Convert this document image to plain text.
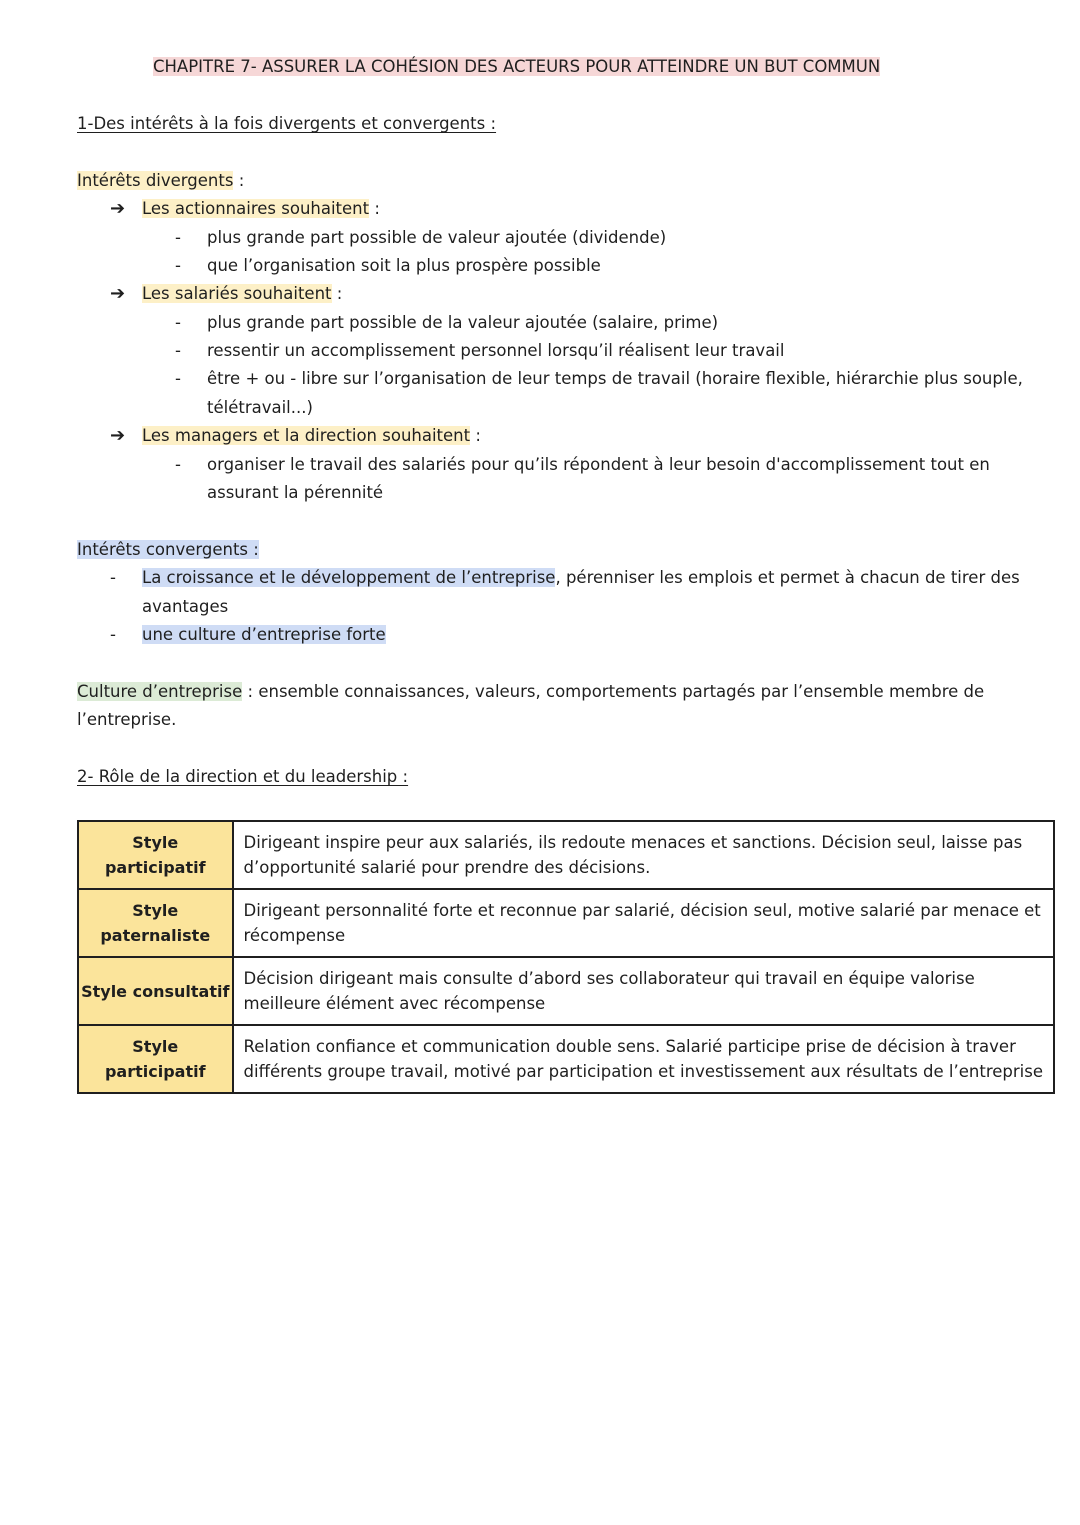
CHAPITRE 7- ASSURER LA COHÉSION DES ACTEURS POUR ATTEINDRE UN BUT COMMUN
1-Des intérêts à la fois divergents et convergents :
Intérêts divergents :
➔ Les actionnaires souhaitent :
- plus grande part possible de valeur ajoutée (dividende)
- que l’organisation soit la plus prospère possible
➔ Les salariés souhaitent :
- plus grande part possible de la valeur ajoutée (salaire, prime)
- ressentir un accomplissement personnel lorsqu’il réalisent leur travail
- être + ou - libre sur l’organisation de leur temps de travail (horaire flexible, hiérarchie plus souple,
télétravail...)
➔ Les managers et la direction souhaitent :
- organiser le travail des salariés pour qu’ils répondent à leur besoin d'accomplissement tout en
assurant la pérennité
Intérêts convergents :
- La croissance et le développement de l’entreprise, pérenniser les emplois et permet à chacun de tirer des
avantages
- une culture d’entreprise forte
Culture d’entreprise : ensemble connaissances, valeurs, comportements partagés par l’ensemble membre de
l’entreprise.
2- Rôle de la direction et du leadership :
Style participatif	Dirigeant inspire peur aux salariés, ils redoute menaces et sanctions. Décision seul, laisse pas
d’opportunité salarié pour prendre des décisions.

Style paternaliste	Dirigeant personnalité forte et reconnue par salarié, décision seul, motive salarié par menace et
récompense

Style consultatif	Décision dirigeant mais consulte d’abord ses collaborateur qui travail en équipe valorise
meilleure élément avec récompense

Style participatif	Relation confiance et communication double sens. Salarié participe prise de décision à traver
différents groupe travail, motivé par participation et investissement aux résultats de l’entreprise
